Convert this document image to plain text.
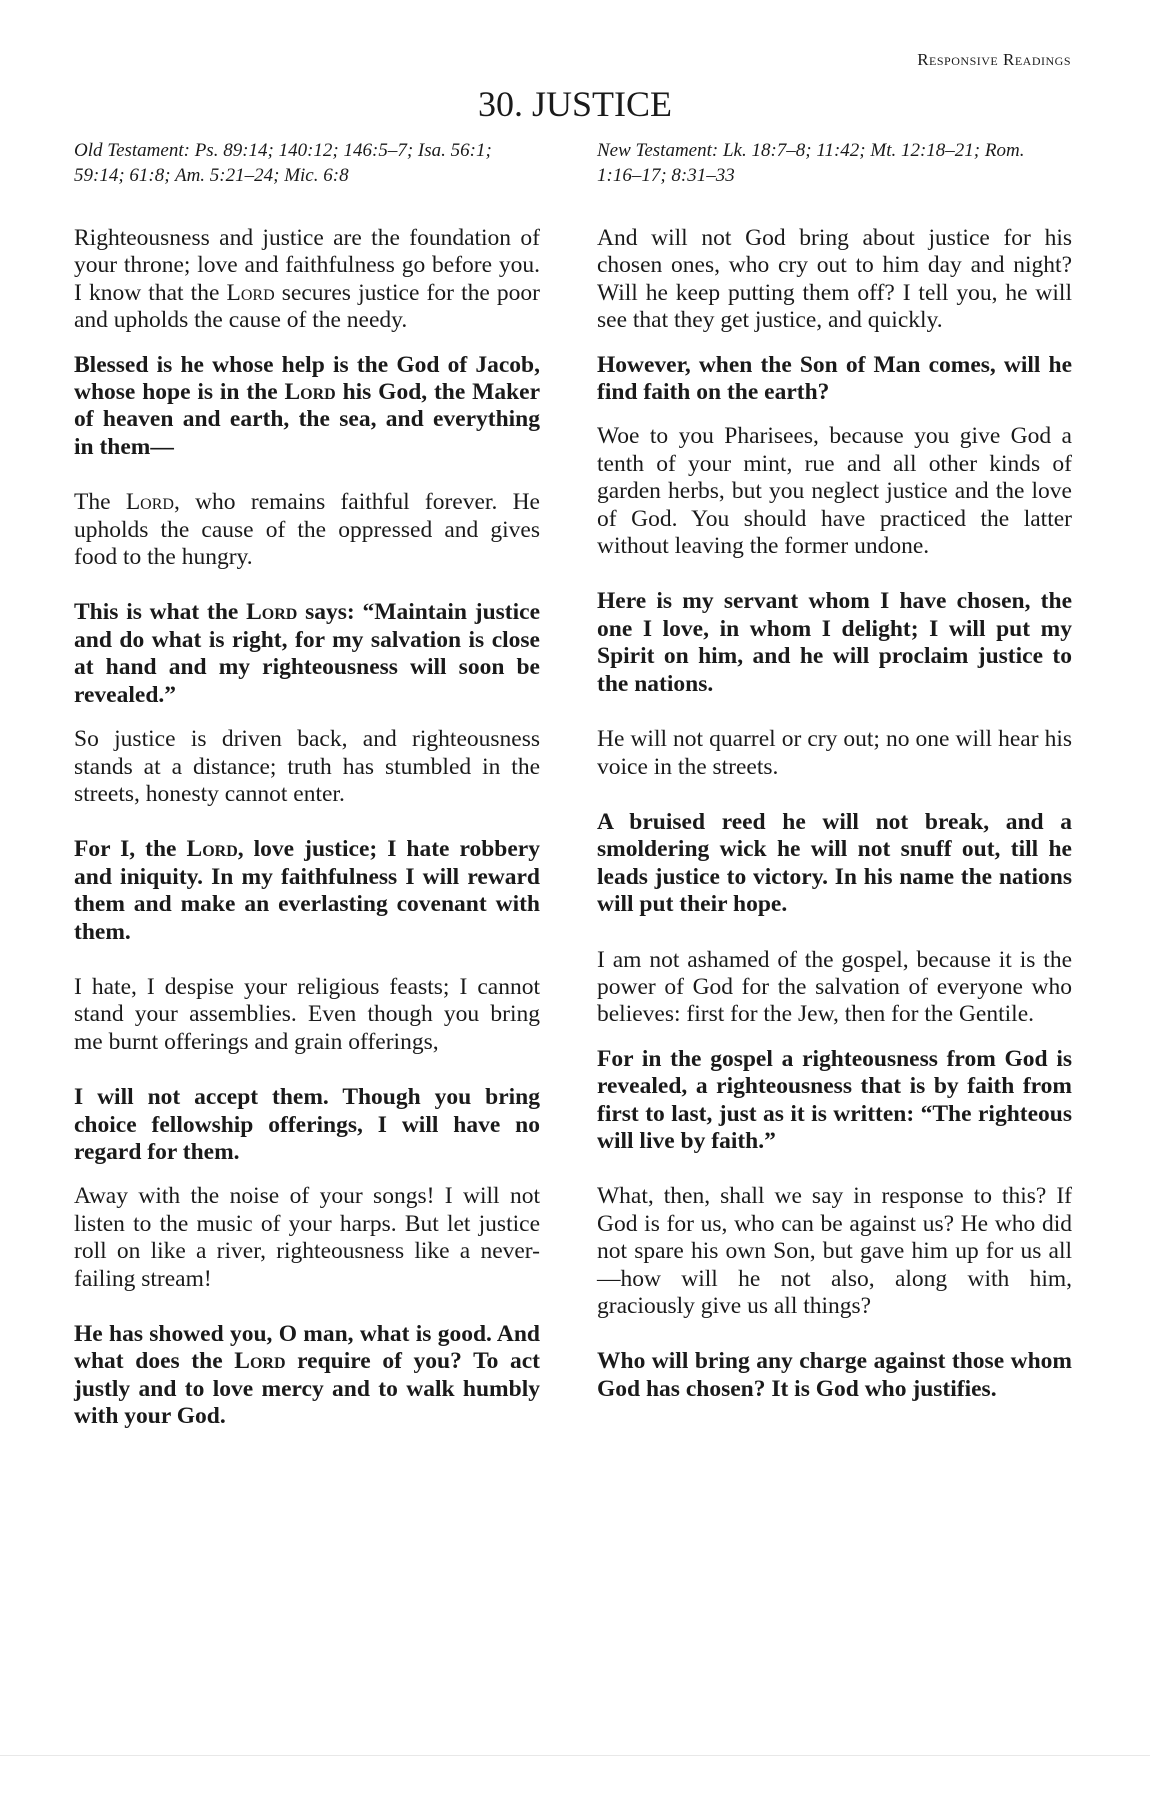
Responsive Readings
30. JUSTICE
Old Testament: Ps. 89:14; 140:12; 146:5–7; Isa. 56:1; 59:14; 61:8; Am. 5:21–24; Mic. 6:8

Righteousness and justice are the foundation of your throne; love and faithfulness go before you. I know that the Lord secures justice for the poor and upholds the cause of the needy.

Blessed is he whose help is the God of Jacob, whose hope is in the Lord his God, the Maker of heaven and earth, the sea, and everything in them—

The Lord, who remains faithful forever. He upholds the cause of the oppressed and gives food to the hungry.

This is what the Lord says: “Maintain justice and do what is right, for my salvation is close at hand and my righteousness will soon be revealed.”

So justice is driven back, and righteousness stands at a distance; truth has stumbled in the streets, honesty cannot enter.

For I, the Lord, love justice; I hate robbery and iniquity. In my faithfulness I will reward them and make an everlasting covenant with them.

I hate, I despise your religious feasts; I cannot stand your assemblies. Even though you bring me burnt offerings and grain offerings,

I will not accept them. Though you bring choice fellowship offerings, I will have no regard for them.

Away with the noise of your songs! I will not listen to the music of your harps. But let justice roll on like a river, righteousness like a never-failing stream!

He has showed you, O man, what is good. And what does the Lord require of you? To act justly and to love mercy and to walk humbly with your God.

New Testament: Lk. 18:7–8; 11:42; Mt. 12:18–21; Rom. 1:16–17; 8:31–33

And will not God bring about justice for his chosen ones, who cry out to him day and night? Will he keep putting them off? I tell you, he will see that they get justice, and quickly.

However, when the Son of Man comes, will he find faith on the earth?

Woe to you Pharisees, because you give God a tenth of your mint, rue and all other kinds of garden herbs, but you neglect justice and the love of God. You should have practiced the latter without leaving the former undone.

Here is my servant whom I have chosen, the one I love, in whom I delight; I will put my Spirit on him, and he will proclaim justice to the nations.

He will not quarrel or cry out; no one will hear his voice in the streets.

A bruised reed he will not break, and a smoldering wick he will not snuff out, till he leads justice to victory. In his name the nations will put their hope.

I am not ashamed of the gospel, because it is the power of God for the salvation of everyone who believes: first for the Jew, then for the Gentile.

For in the gospel a righteousness from God is revealed, a righteousness that is by faith from first to last, just as it is written: “The righteous will live by faith.”

What, then, shall we say in response to this? If God is for us, who can be against us? He who did not spare his own Son, but gave him up for us all—how will he not also, along with him, graciously give us all things?

Who will bring any charge against those whom God has chosen? It is God who justifies.
